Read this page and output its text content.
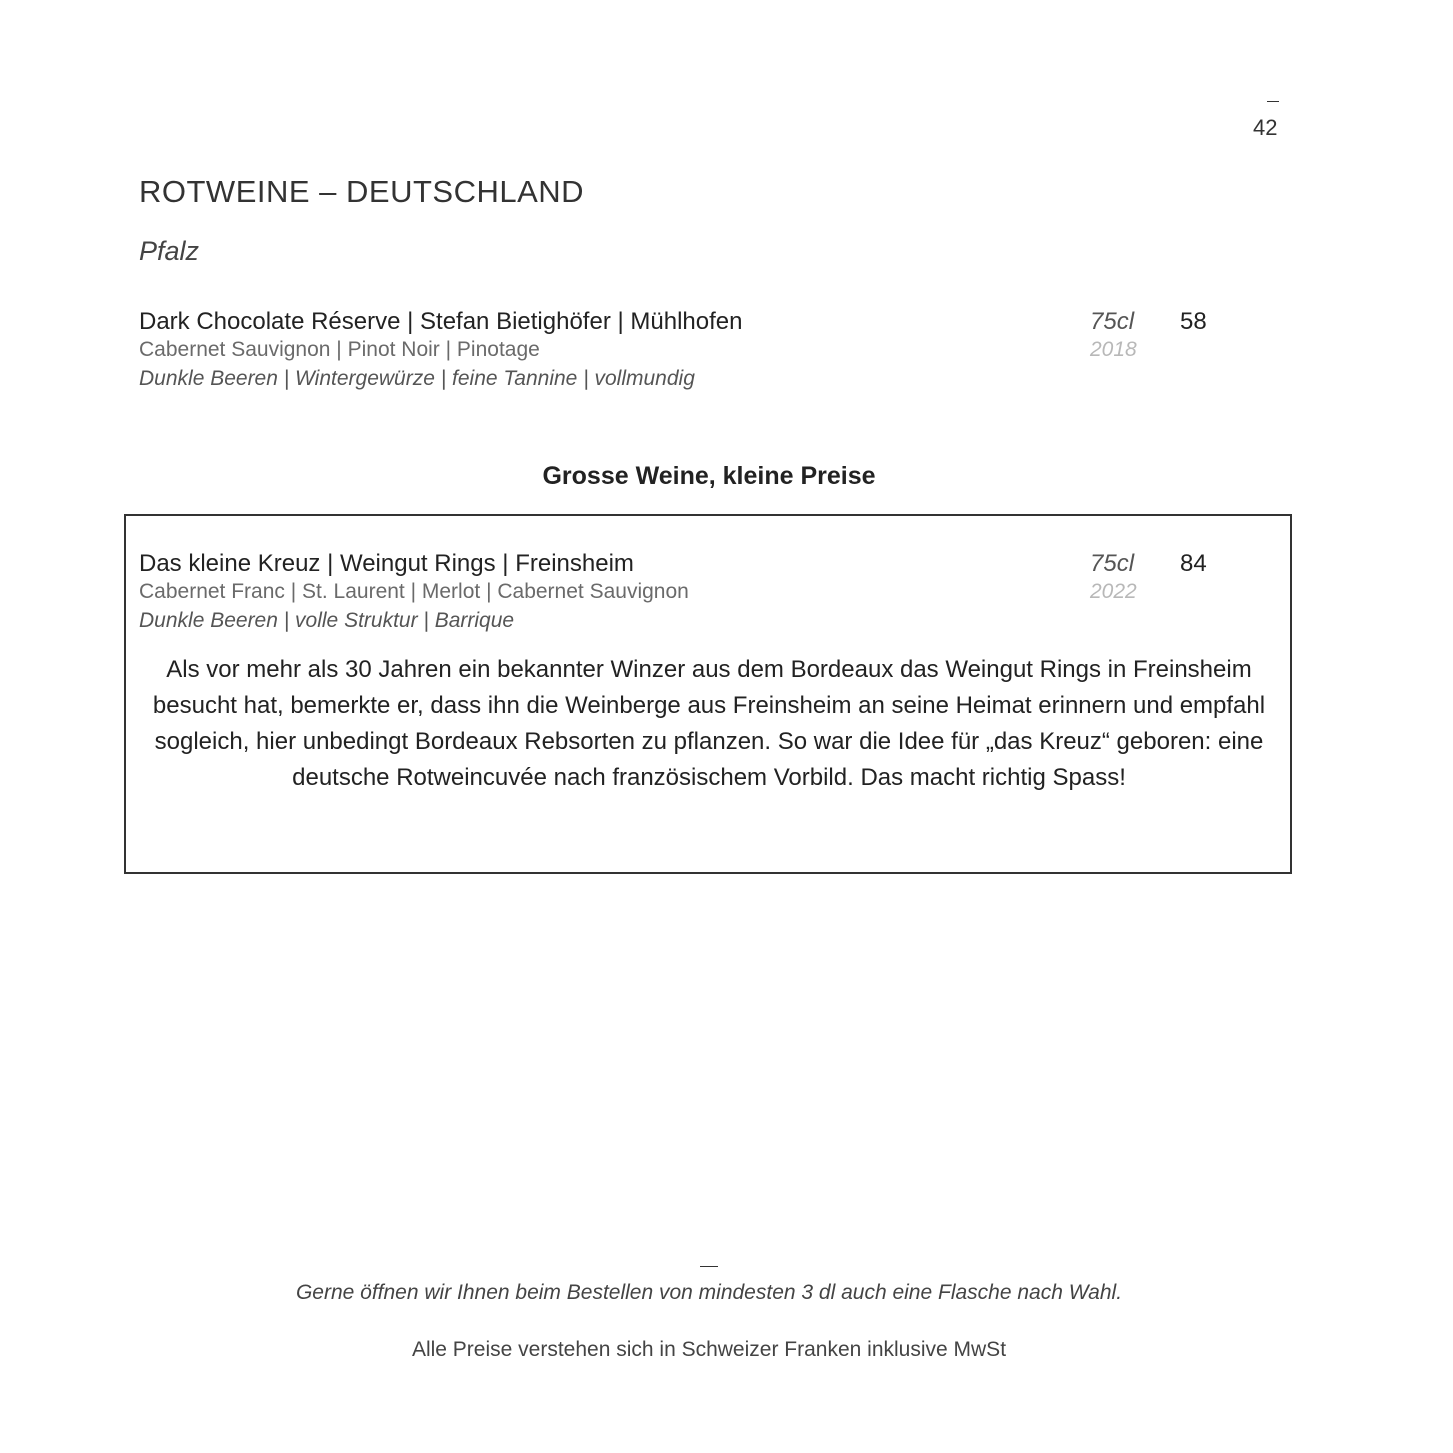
42
ROTWEINE – DEUTSCHLAND
Pfalz
Dark Chocolate Réserve | Stefan Bietighöfer | Mühlhofen
Cabernet Sauvignon | Pinot Noir | Pinotage
Dunkle Beeren | Wintergewürze | feine Tannine | vollmundig
75cl
2018
58
Grosse Weine, kleine Preise
Das kleine Kreuz | Weingut Rings | Freinsheim
Cabernet Franc | St. Laurent | Merlot | Cabernet Sauvignon
Dunkle Beeren | volle Struktur | Barrique
75cl
2022
84
Als vor mehr als 30 Jahren ein bekannter Winzer aus dem Bordeaux das Weingut Rings in Freinsheim besucht hat, bemerkte er, dass ihn die Weinberge aus Freinsheim an seine Heimat erinnern und empfahl sogleich, hier unbedingt Bordeaux Rebsorten zu pflanzen. So war die Idee für „das Kreuz“ geboren: eine deutsche Rotweincuvée nach französischem Vorbild. Das macht richtig Spass!
Gerne öffnen wir Ihnen beim Bestellen von mindesten 3 dl auch eine Flasche nach Wahl.
Alle Preise verstehen sich in Schweizer Franken inklusive MwSt
